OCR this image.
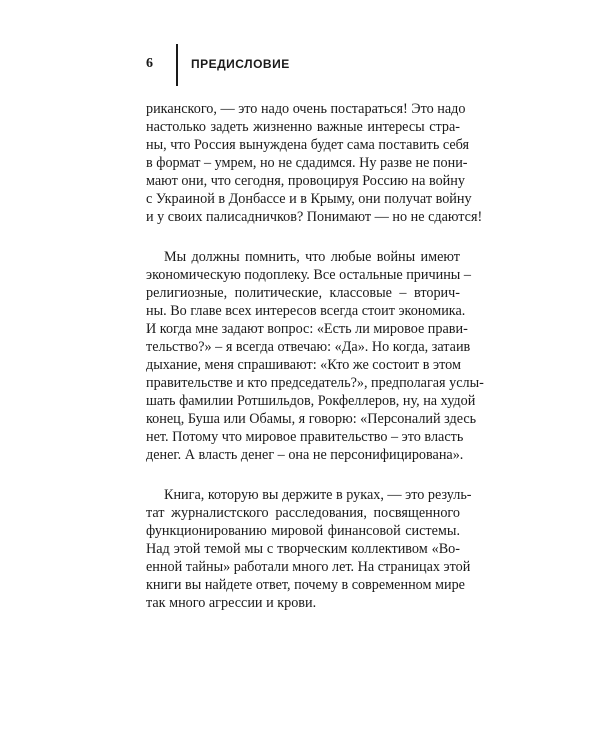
6	ПРЕДИСЛОВИЕ

риканского, — это надо очень постараться! Это надо
настолько задеть жизненно важные интересы стра-
ны, что Россия вынуждена будет сама поставить себя
в формат – умрем, но не сдадимся. Ну разве не пони-
мают они, что сегодня, провоцируя Россию на войну
с Украиной в Донбассе и в Крыму, они получат войну
и у своих палисадничков? Понимают — но не сдаются!

Мы должны помнить, что любые войны имеют
экономическую подоплеку. Все остальные причины –
религиозные, политические, классовые – вторич-
ны. Во главе всех интересов всегда стоит экономика.
И когда мне задают вопрос: «Есть ли мировое прави-
тельство?» – я всегда отвечаю: «Да». Но когда, затаив
дыхание, меня спрашивают: «Кто же состоит в этом
правительстве и кто председатель?», предполагая услы-
шать фамилии Ротшильдов, Рокфеллеров, ну, на худой
конец, Буша или Обамы, я говорю: «Персоналий здесь
нет. Потому что мировое правительство – это власть
денег. А власть денег – она не персонифицирована».

Книга, которую вы держите в руках, — это резуль-
тат журналистского расследования, посвященного
функционированию мировой финансовой системы.
Над этой темой мы с творческим коллективом «Во-
енной тайны» работали много лет. На страницах этой
книги вы найдете ответ, почему в современном мире
так много агрессии и крови.
